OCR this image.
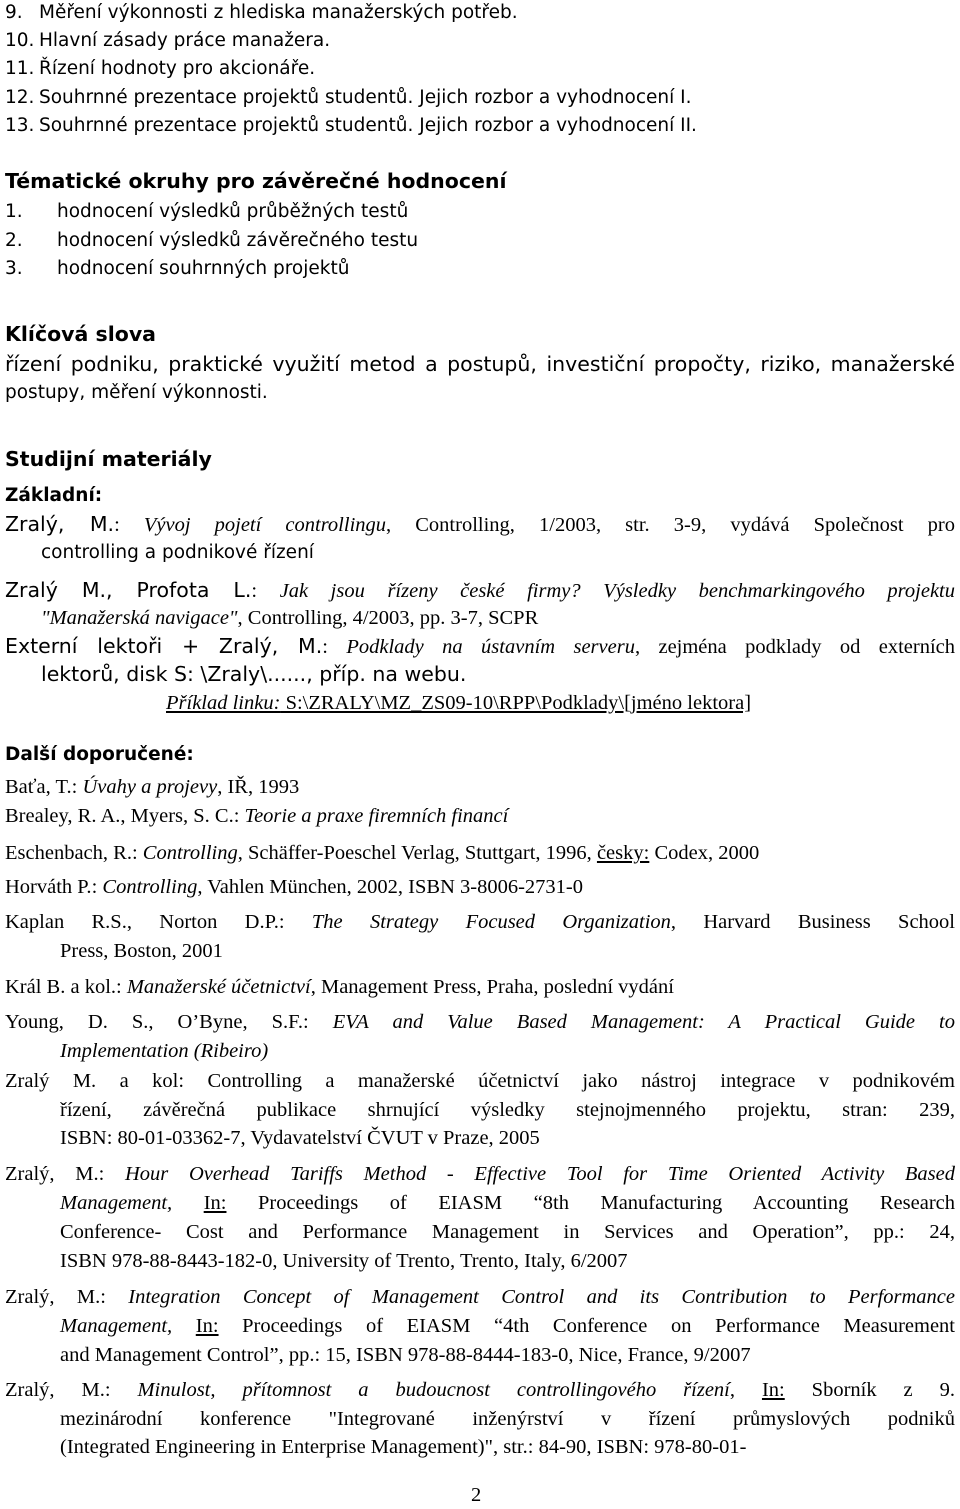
9. Měření výkonnosti z hlediska manažerských potřeb.
10. Hlavní zásady práce manažera.
11. Řízení hodnoty pro akcionáře.
12. Souhrnné prezentace projektů studentů. Jejich rozbor a vyhodnocení I.
13. Souhrnné prezentace projektů studentů. Jejich rozbor a vyhodnocení II.
Tématické okruhy pro závěrečné hodnocení
1. hodnocení výsledků průběžných testů
2. hodnocení výsledků závěrečného testu
3. hodnocení souhrnných projektů
Klíčová slova
řízení podniku, praktické využití metod a postupů, investiční propočty, riziko, manažerské
postupy, měření výkonnosti.
Studijní materiály
Základní:
Zralý, M.: Vývoj pojetí controllingu, Controlling, 1/2003, str. 3-9, vydává Společnost pro
controlling a podnikové řízení
Zralý M., Profota L.: Jak jsou řízeny české firmy? Výsledky benchmarkingového projektu
"Manažerská navigace", Controlling, 4/2003, pp. 3-7, SCPR
Externí lektoři + Zralý, M.: Podklady na ústavním serveru, zejména podklady od externích
lektorů, disk S: \Zraly\......, příp. na webu.
Příklad linku: S:\ZRALY\MZ_ZS09-10\RPP\Podklady\[jméno lektora]
Další doporučené:
Baťa, T.: Úvahy a projevy, IŘ, 1993
Brealey, R. A., Myers, S. C.: Teorie a praxe firemních financí
Eschenbach, R.: Controlling, Schäffer-Poeschel Verlag, Stuttgart, 1996, česky: Codex, 2000
Horváth P.: Controlling, Vahlen München, 2002, ISBN 3-8006-2731-0
Kaplan R.S., Norton D.P.: The Strategy Focused Organization, Harvard Business School
Press, Boston, 2001
Král B. a kol.: Manažerské účetnictví, Management Press, Praha, poslední vydání
Young, D. S., O’Byne, S.F.: EVA and Value Based Management: A Practical Guide to
Implementation (Ribeiro)
Zralý M. a kol: Controlling a manažerské účetnictví jako nástroj integrace v podnikovém
řízení, závěrečná publikace shrnující výsledky stejnojmenného projektu, stran: 239,
ISBN: 80-01-03362-7, Vydavatelství ČVUT v Praze, 2005
Zralý, M.: Hour Overhead Tariffs Method - Effective Tool for Time Oriented Activity Based
Management, In: Proceedings of EIASM “8th Manufacturing Accounting Research
Conference- Cost and Performance Management in Services and Operation”, pp.: 24,
ISBN 978-88-8443-182-0, University of Trento, Trento, Italy, 6/2007
Zralý, M.: Integration Concept of Management Control and its Contribution to Performance
Management, In: Proceedings of EIASM “4th Conference on Performance Measurement
and Management Control”, pp.: 15, ISBN 978-88-8444-183-0, Nice, France, 9/2007
Zralý, M.: Minulost, přítomnost a budoucnost controllingového řízení, In: Sborník z 9.
mezinárodní konference "Integrované inženýrství v řízení průmyslových podniků
(Integrated Engineering in Enterprise Management)", str.: 84-90, ISBN: 978-80-01-
2
